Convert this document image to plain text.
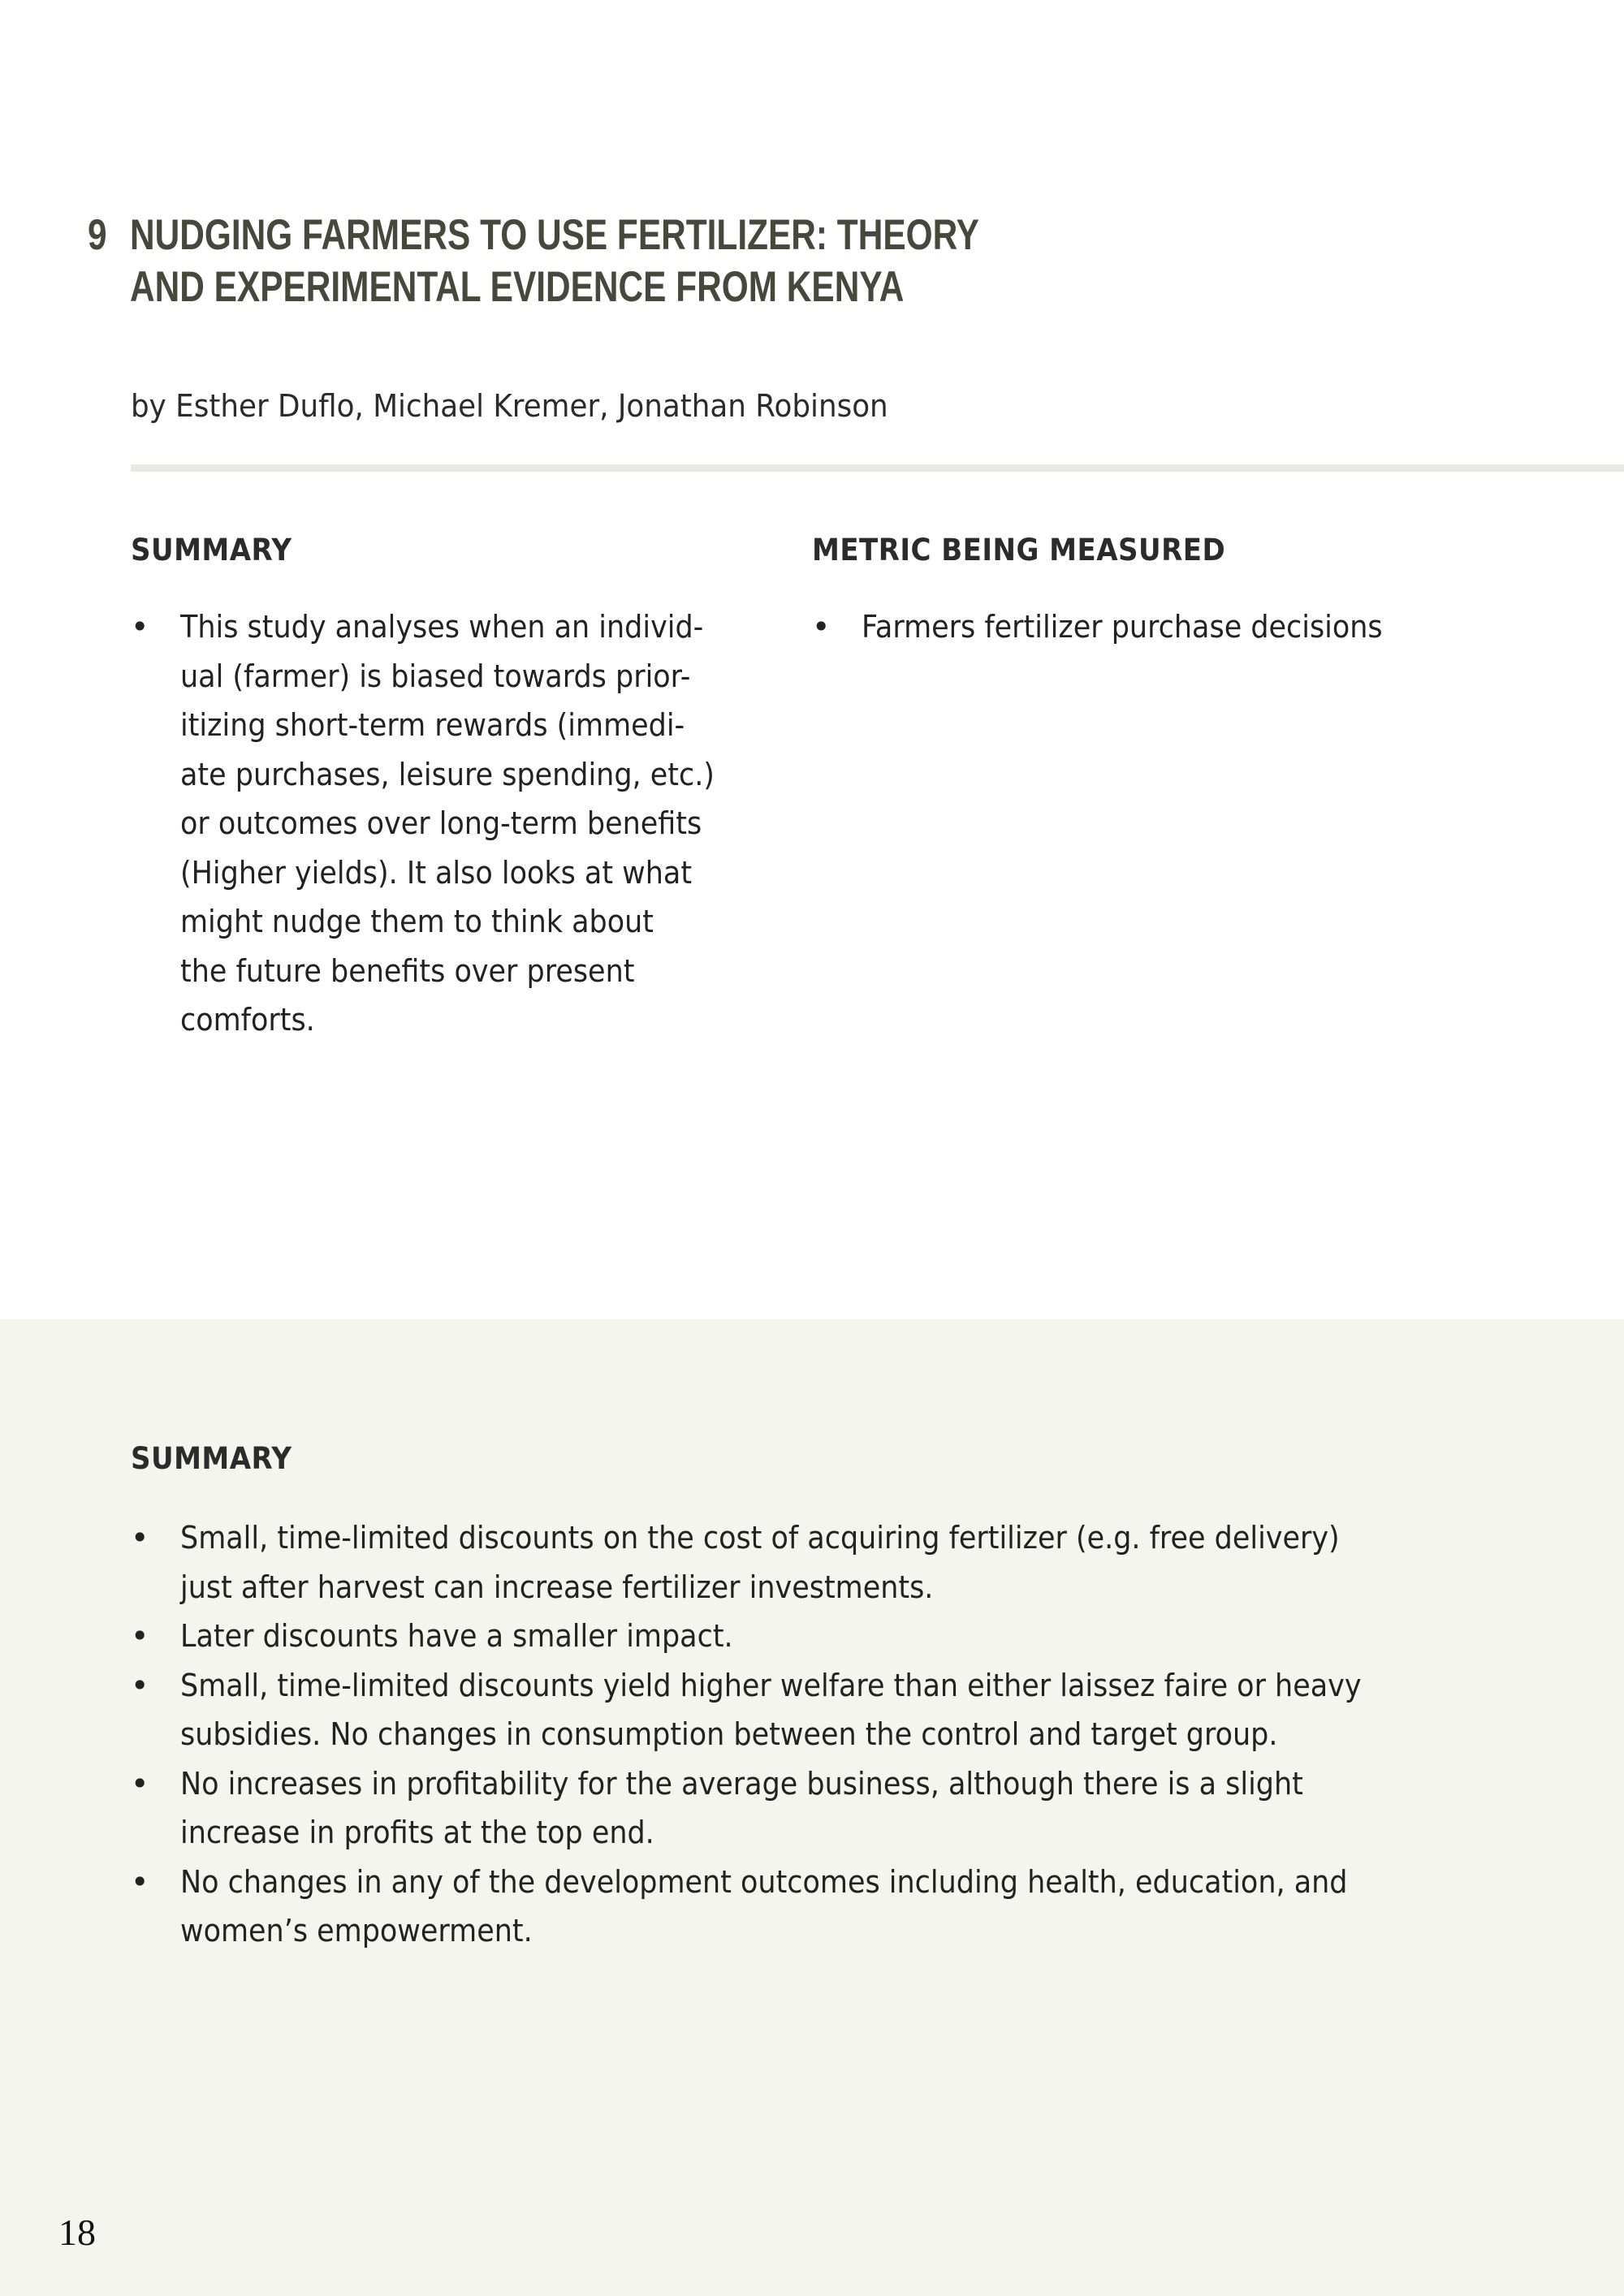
9 NUDGING FARMERS TO USE FERTILIZER: THEORY
AND EXPERIMENTAL EVIDENCE FROM KENYA
by Esther Duflo, Michael Kremer, Jonathan Robinson
SUMMARY
• This study analyses when an individ-
ual (farmer) is biased towards prior-
itizing short-term rewards (immedi-
ate purchases, leisure spending, etc.)
or outcomes over long-term benefits
(Higher yields). It also looks at what
might nudge them to think about
the future benefits over present
comforts.
METRIC BEING MEASURED
• Farmers fertilizer purchase decisions
SUMMARY
• Small, time-limited discounts on the cost of acquiring fertilizer (e.g. free delivery)
just after harvest can increase fertilizer investments.
• Later discounts have a smaller impact.
• Small, time-limited discounts yield higher welfare than either laissez faire or heavy
subsidies. No changes in consumption between the control and target group.
• No increases in profitability for the average business, although there is a slight
increase in profits at the top end.
• No changes in any of the development outcomes including health, education, and
women’s empowerment.
18
